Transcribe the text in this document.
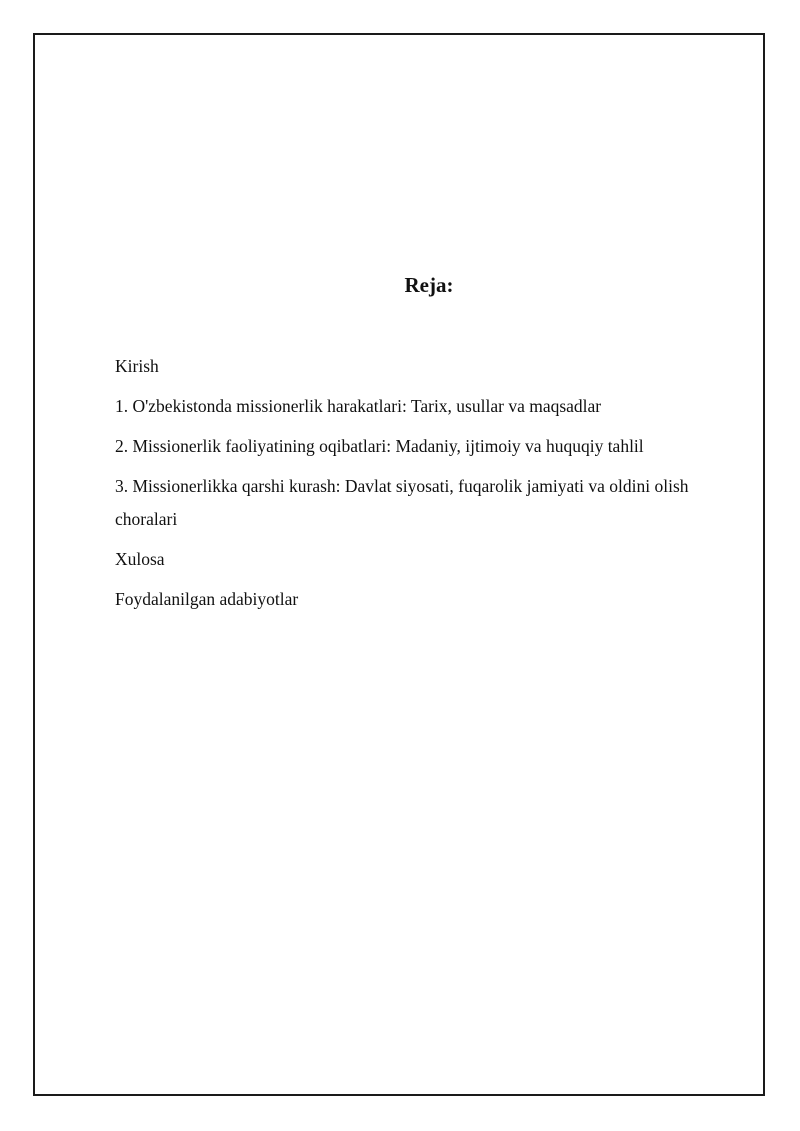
Reja:
Kirish
1. O'zbekistonda missionerlik harakatlari: Tarix, usullar va maqsadlar
2. Missionerlik faoliyatining oqibatlari: Madaniy, ijtimoiy va huquqiy tahlil
3. Missionerlikka qarshi kurash: Davlat siyosati, fuqarolik jamiyati va oldini olish choralari
Xulosa
Foydalanilgan adabiyotlar
